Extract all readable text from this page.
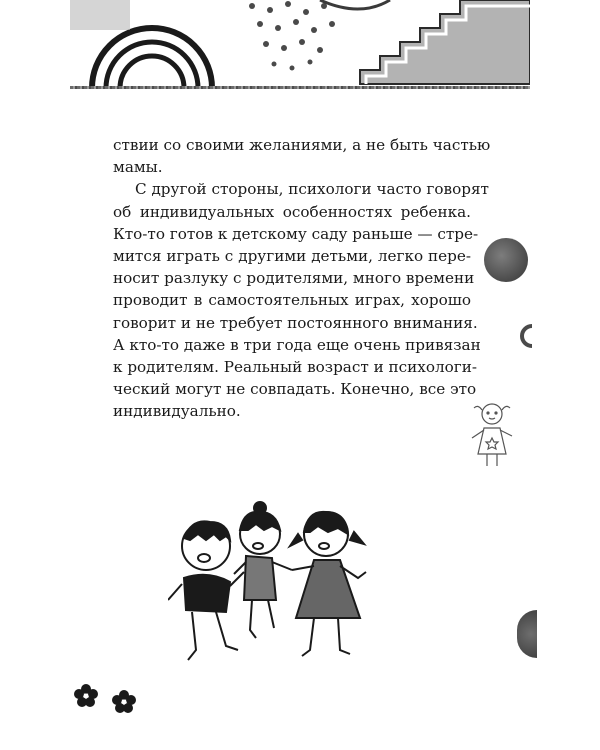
ствии со своими желаниями, а не быть частью
мамы.

С другой стороны, психологи часто говорят
об индивидуальных особенностях ребенка.
Кто-то готов к детскому саду раньше — стре-
мится играть с другими детьми, легко пере-
носит разлуку с родителями, много времени
проводит в самостоятельных играх, хорошо
говорит и не требует постоянного внимания.
А кто-то даже в три года еще очень привязан
к родителям. Реальный возраст и психологи-
ческий могут не совпадать. Конечно, все это
индивидуально.
